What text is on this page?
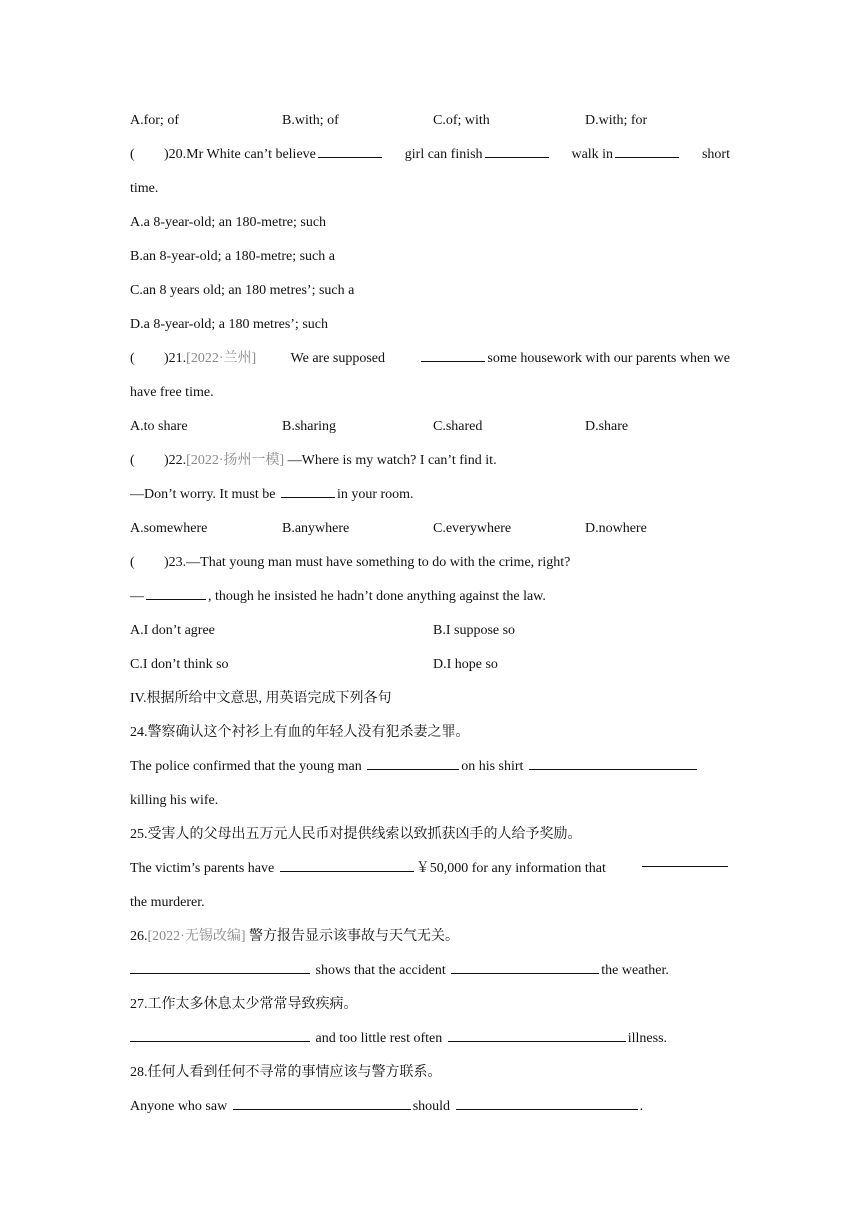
A.for; of	B.with; of	C.of; with	D.with; for
( )20.Mr White can’t believe	girl can finish	walk in	short
time.
A.a 8-year-old; an 180-metre; such
B.an 8-year-old; a 180-metre; such a
C.an 8 years old; an 180 metres’; such a
D.a 8-year-old; a 180 metres’; such
( )21.[2022·兰州] We are supposed	some housework with our parents when we
have free time.
A.to share	B.sharing	C.shared	D.share
( )22.[2022·扬州一模] —Where is my watch? I can’t find it.
—Don’t worry. It must be	in your room.
A.somewhere	B.anywhere	C.everywhere	D.nowhere
( )23.—That young man must have something to do with the crime, right?
—	, though he insisted he hadn’t done anything against the law.
A.I don’t agree	B.I suppose so
C.I don’t think so	D.I hope so
IV.根据所给中文意思, 用英语完成下列各句
24.警察确认这个衬衫上有血的年轻人没有犯杀妻之罪。
The police confirmed that the young man	on his shirt
killing his wife.
25.受害人的父母出五万元人民币对提供线索以致抓获凶手的人给予奖励。
The victim’s parents have	￥50,000 for any information that
the murderer.
26.[2022·无锡改编] 警方报告显示该事故与天气无关。
shows that the accident	the weather.
27.工作太多休息太少常常导致疾病。
and too little rest often	illness.
28.任何人看到任何不寻常的事情应该与警方联系。
Anyone who saw	should	.
